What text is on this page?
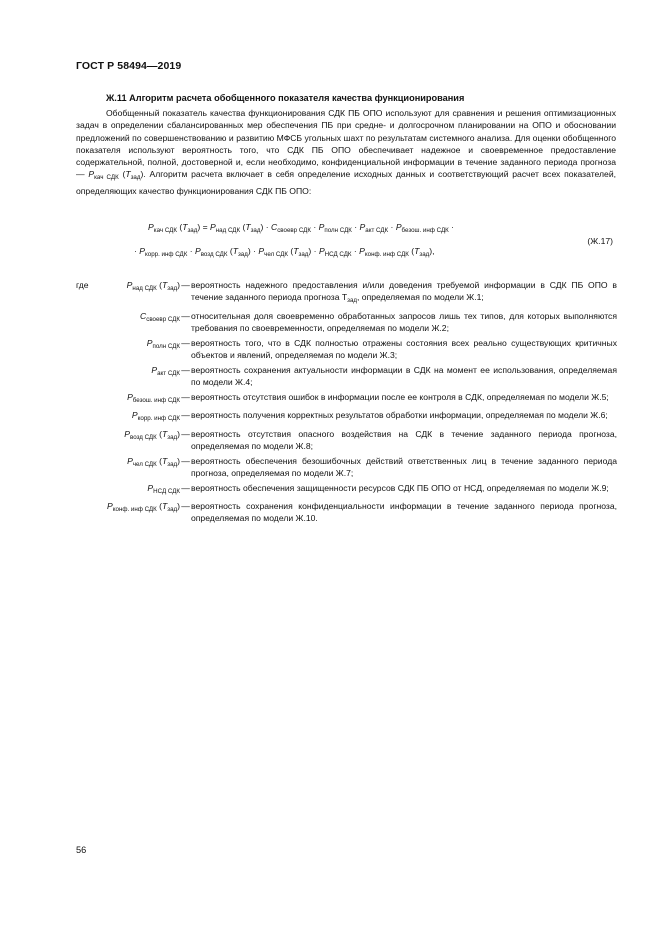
ГОСТ Р 58494—2019
Ж.11 Алгоритм расчета обобщенного показателя качества функционирования

Обобщенный показатель качества функционирования СДК ПБ ОПО используют для сравнения и решения оптимизационных задач в определении сбалансированных мер обеспечения ПБ при средне- и долгосрочном планировании на ОПО и обосновании предложений по совершенствованию и развитию МФСБ угольных шахт по результатам системного анализа. Для оценки обобщенного показателя используют вероятность того, что СДК ПБ ОПО обеспечивает надежное и своевременное предоставление содержательной, полной, достоверной и, если необходимо, конфиденциальной информации в течение заданного периода прогноза — $P_{кач СДК}$ $(T_{зад})$. Алгоритм расчета включает в себя определение исходных данных и соответствующий расчет всех показателей, определяющих качество функционирования СДК ПБ ОПО:

$P_{кач СДК}$ $(T_{зад}) = P_{над СДК}$ $(T_{зад}) \cdot C_{своевр СДК} \cdot P_{полн СДК} \cdot P_{акт СДК} \cdot P_{безош. инф СДК}$ ·
· $P_{корр. инф СДК} \cdot P_{возд СДК}$ $(T_{зад}) \cdot P_{чел СДК}$ $(T_{зад}) \cdot P_{НСД СДК} \cdot P_{конф. инф СДК}$ $(T_{зад})$,
(Ж.17)
где	$P_{над СДК}$ $(T_{зад})$ — вероятность надежного предоставления и/или доведения требуемой информации в СДК ПБ ОПО в течение заданного периода прогноза $T_{зад}$, определяемая по модели Ж.1;
$C_{своевр СДК}$ — относительная доля своевременно обработанных запросов лишь тех типов, для которых выполняются требования по своевременности, определяемая по модели Ж.2;
$P_{полн СДК}$ — вероятность того, что в СДК полностью отражены состояния всех реально существующих критичных объектов и явлений, определяемая по модели Ж.3;
$P_{акт СДК}$ — вероятность сохранения актуальности информации в СДК на момент ее использования, определяемая по модели Ж.4;
$P_{безош. инф СДК}$ — вероятность отсутствия ошибок в информации после ее контроля в СДК, определяемая по модели Ж.5;
$P_{корр. инф СДК}$ — вероятность получения корректных результатов обработки информации, определяемая по модели Ж.6;
$P_{возд СДК}$ $(T_{зад})$ — вероятность отсутствия опасного воздействия на СДК в течение заданного периода прогноза, определяемая по модели Ж.8;
$P_{чел СДК}$ $(T_{зад})$ — вероятность обеспечения безошибочных действий ответственных лиц в течение заданного периода прогноза, определяемая по модели Ж.7;
$P_{НСД СДК}$ — вероятность обеспечения защищенности ресурсов СДК ПБ ОПО от НСД, определяемая по модели Ж.9;
$P_{конф. инф СДК}$ $(T_{зад})$ — вероятность сохранения конфиденциальности информации в течение заданного периода прогноза, определяемая по модели Ж.10.
56
